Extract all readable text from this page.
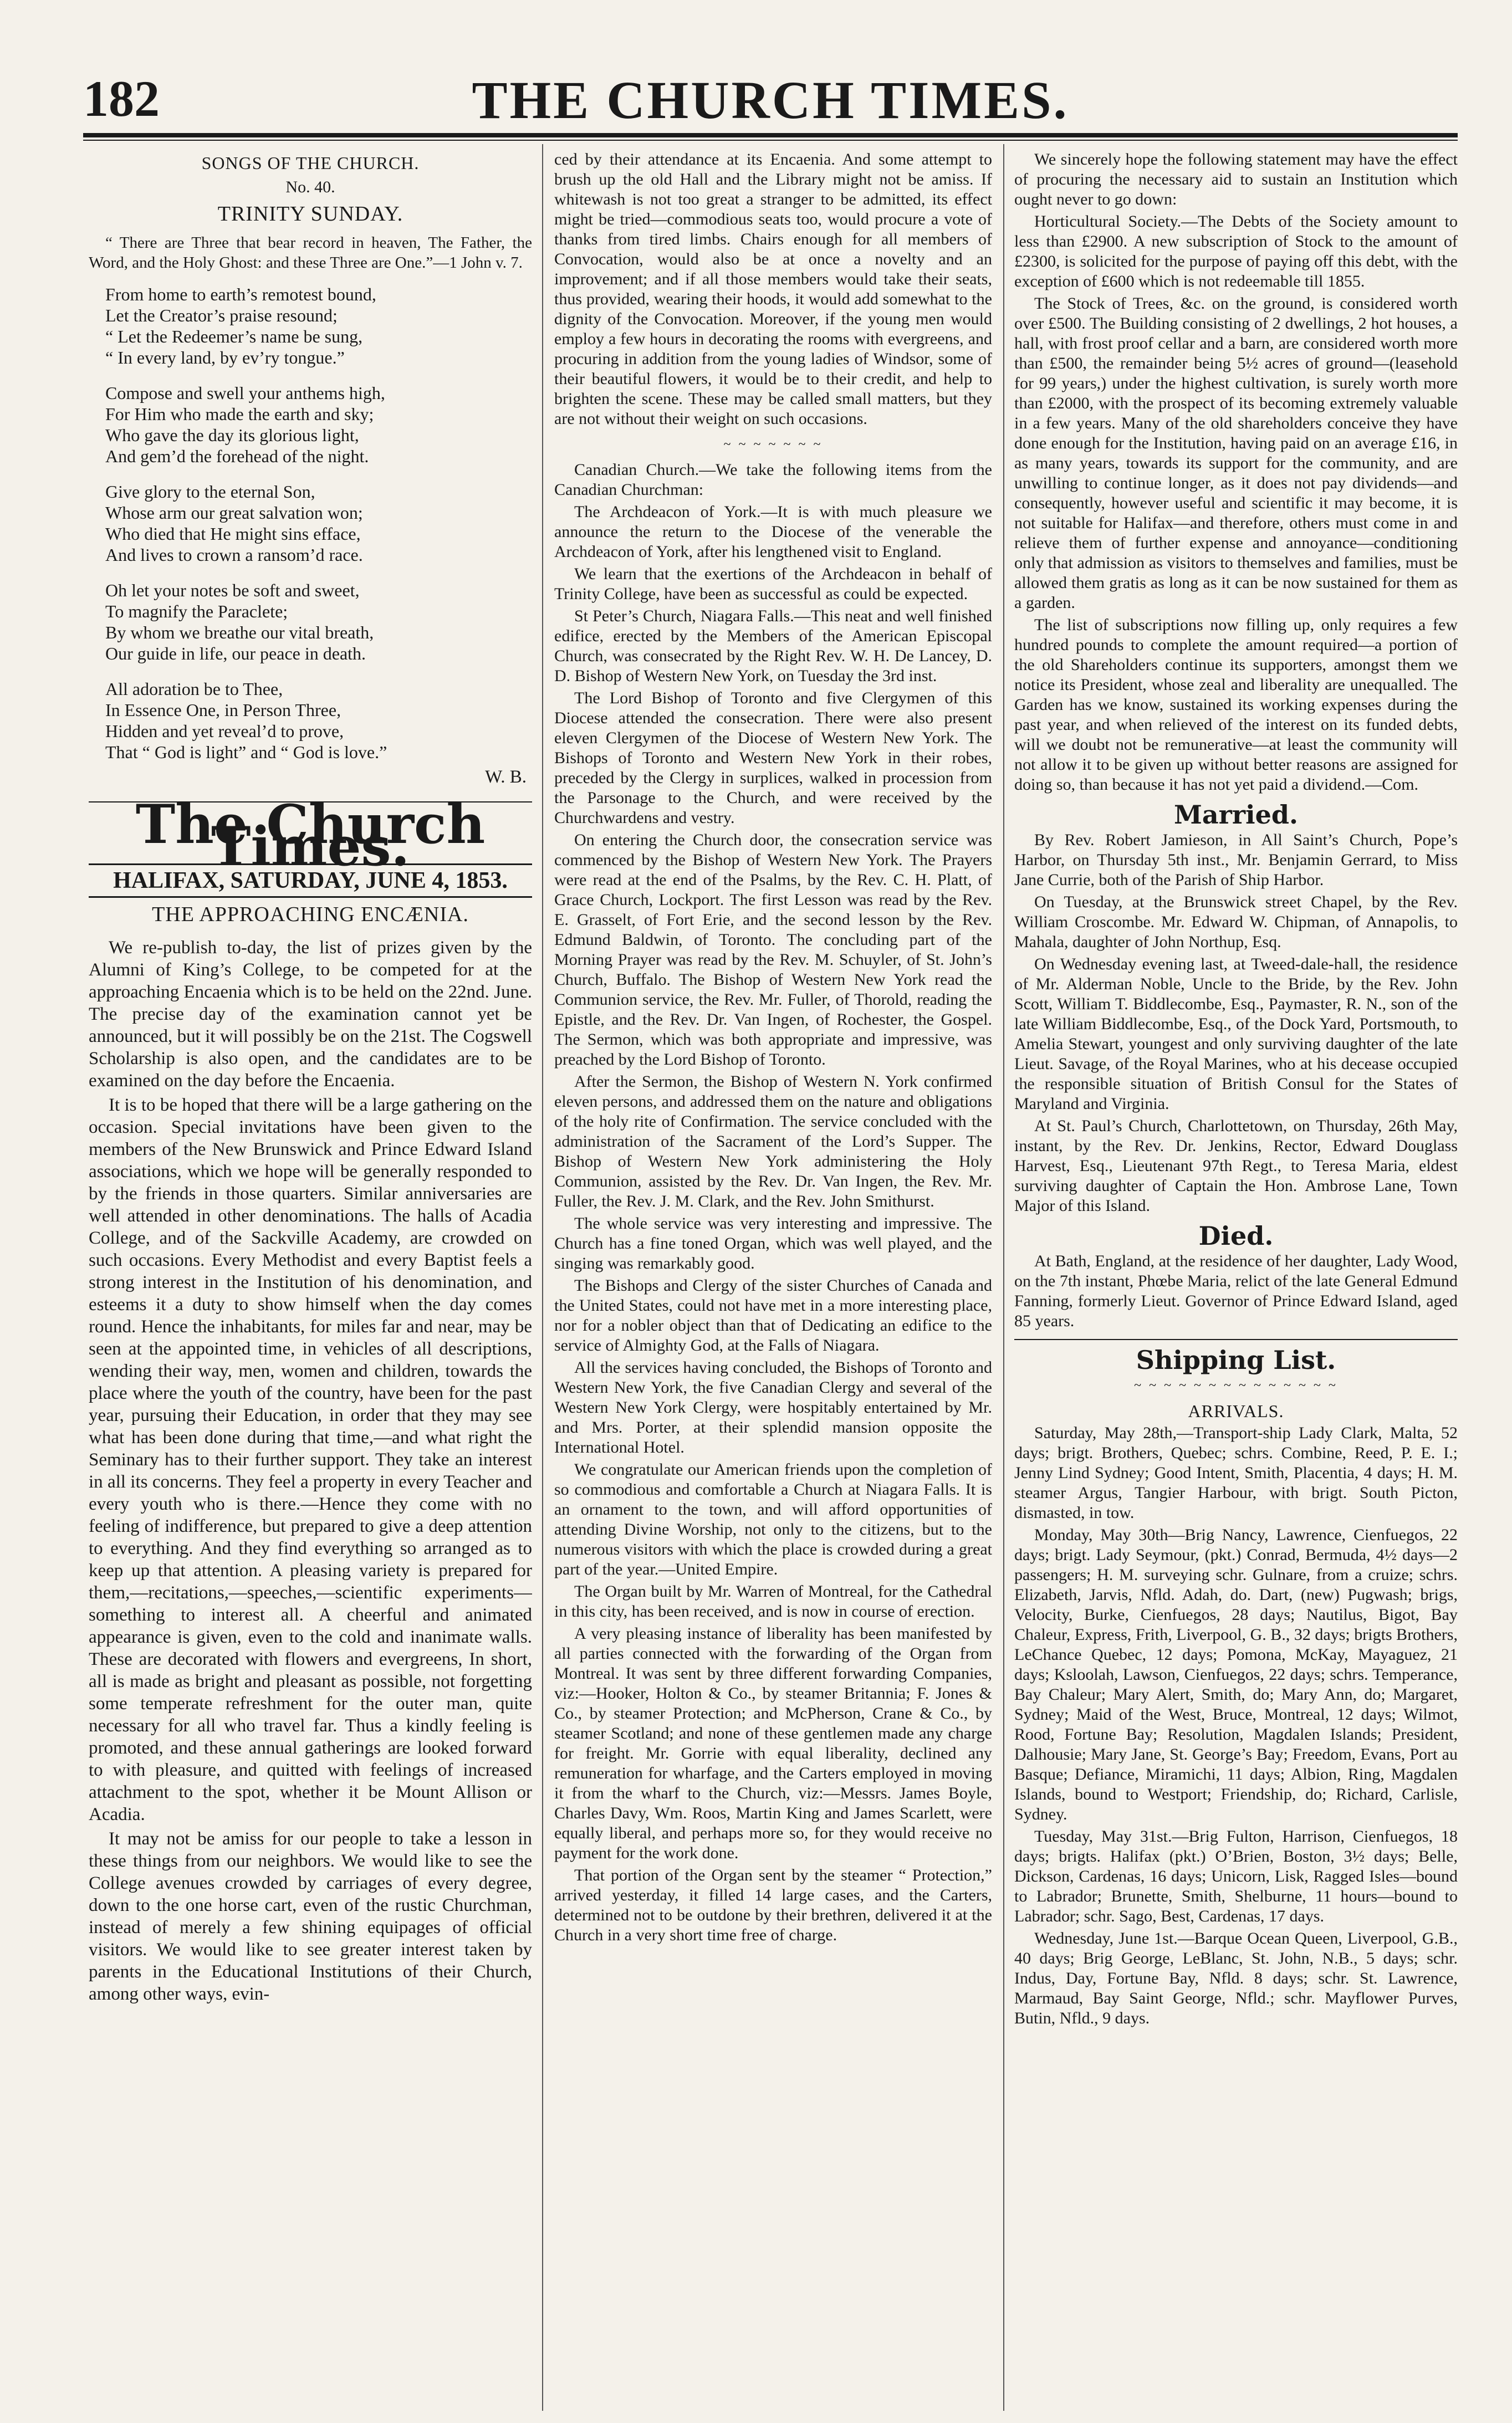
182	THE CHURCH TIMES.
SONGS OF THE CHURCH.
No. 40.
TRINITY SUNDAY.
“ There are Three that bear record in heaven, The Father, the Word, and the Holy Ghost: and these Three are One.”—1 John v. 7.
From home to earth’s remotest bound,
Let the Creator’s praise resound;
“ Let the Redeemer’s name be sung,
“ In every land, by ev’ry tongue.”
Compose and swell your anthems high,
For Him who made the earth and sky;
Who gave the day its glorious light,
And gem’d the forehead of the night.
Give glory to the eternal Son,
Whose arm our great salvation won;
Who died that He might sins efface,
And lives to crown a ransom’d race.
Oh let your notes be soft and sweet,
To magnify the Paraclete;
By whom we breathe our vital breath,
Our guide in life, our peace in death.
All adoration be to Thee,
In Essence One, in Person Three,
Hidden and yet reveal’d to prove,
That “ God is light” and “ God is love.”
W. B.
The Church Times.
HALIFAX, SATURDAY, JUNE 4, 1853.
THE APPROACHING ENCÆNIA.

We re-publish to-day, the list of prizes given by the Alumni of King’s College, to be competed for at the approaching Encaenia which is to be held on the 22nd. June. The precise day of the examination cannot yet be announced, but it will possibly be on the 21st. The Cogswell Scholarship is also open, and the candidates are to be examined on the day before the Encaenia.

It is to be hoped that there will be a large gathering on the occasion. Special invitations have been given to the members of the New Brunswick and Prince Edward Island associations, which we hope will be generally responded to by the friends in those quarters. Similar anniversaries are well attended in other denominations. The halls of Acadia College, and of the Sackville Academy, are crowded on such occasions. Every Methodist and every Baptist feels a strong interest in the Institution of his denomination, and esteems it a duty to show himself when the day comes round. Hence the inhabitants, for miles far and near, may be seen at the appointed time, in vehicles of all descriptions, wending their way, men, women and children, towards the place where the youth of the country, have been for the past year, pursuing their Education, in order that they may see what has been done during that time,—and what right the Seminary has to their further support. They take an interest in all its concerns. They feel a property in every Teacher and every youth who is there.—Hence they come with no feeling of indifference, but prepared to give a deep attention to everything. And they find everything so arranged as to keep up that attention. A pleasing variety is prepared for them,—recitations,—speeches,—scientific experiments—something to interest all. A cheerful and animated appearance is given, even to the cold and inanimate walls. These are decorated with flowers and evergreens, In short, all is made as bright and pleasant as possible, not forgetting some temperate refreshment for the outer man, quite necessary for all who travel far. Thus a kindly feeling is promoted, and these annual gatherings are looked forward to with pleasure, and quitted with feelings of increased attachment to the spot, whether it be Mount Allison or Acadia.

It may not be amiss for our people to take a lesson in these things from our neighbors. We would like to see the College avenues crowded by carriages of every degree, down to the one horse cart, even of the rustic Churchman, instead of merely a few shining equipages of official visitors. We would like to see greater interest taken by parents in the Educational Institutions of their Church, among other ways, evin-

ced by their attendance at its Encaenia. And some attempt to brush up the old Hall and the Library might not be amiss. If whitewash is not too great a stranger to be admitted, its effect might be tried—commodious seats too, would procure a vote of thanks from tired limbs. Chairs enough for all members of Convocation, would also be at once a novelty and an improvement; and if all those members would take their seats, thus provided, wearing their hoods, it would add somewhat to the dignity of the Convocation. Moreover, if the young men would employ a few hours in decorating the rooms with evergreens, and procuring in addition from the young ladies of Windsor, some of their beautiful flowers, it would be to their credit, and help to brighten the scene. These may be called small matters, but they are not without their weight on such occasions.

~ ~ ~ ~ ~ ~ ~

Canadian Church.—We take the following items from the Canadian Churchman:

The Archdeacon of York.—It is with much pleasure we announce the return to the Diocese of the venerable the Archdeacon of York, after his lengthened visit to England.

We learn that the exertions of the Archdeacon in behalf of Trinity College, have been as successful as could be expected.

St Peter’s Church, Niagara Falls.—This neat and well finished edifice, erected by the Members of the American Episcopal Church, was consecrated by the Right Rev. W. H. De Lancey, D. D. Bishop of Western New York, on Tuesday the 3rd inst.

The Lord Bishop of Toronto and five Clergymen of this Diocese attended the consecration. There were also present eleven Clergymen of the Diocese of Western New York. The Bishops of Toronto and Western New York in their robes, preceded by the Clergy in surplices, walked in procession from the Parsonage to the Church, and were received by the Churchwardens and vestry.

On entering the Church door, the consecration service was commenced by the Bishop of Western New York. The Prayers were read at the end of the Psalms, by the Rev. C. H. Platt, of Grace Church, Lockport. The first Lesson was read by the Rev. E. Grasselt, of Fort Erie, and the second lesson by the Rev. Edmund Baldwin, of Toronto. The concluding part of the Morning Prayer was read by the Rev. M. Schuyler, of St. John’s Church, Buffalo. The Bishop of Western New York read the Communion service, the Rev. Mr. Fuller, of Thorold, reading the Epistle, and the Rev. Dr. Van Ingen, of Rochester, the Gospel. The Sermon, which was both appropriate and impressive, was preached by the Lord Bishop of Toronto.

After the Sermon, the Bishop of Western N. York confirmed eleven persons, and addressed them on the nature and obligations of the holy rite of Confirmation. The service concluded with the administration of the Sacrament of the Lord’s Supper. The Bishop of Western New York administering the Holy Communion, assisted by the Rev. Dr. Van Ingen, the Rev. Mr. Fuller, the Rev. J. M. Clark, and the Rev. John Smithurst.

The whole service was very interesting and impressive. The Church has a fine toned Organ, which was well played, and the singing was remarkably good.

The Bishops and Clergy of the sister Churches of Canada and the United States, could not have met in a more interesting place, nor for a nobler object than that of Dedicating an edifice to the service of Almighty God, at the Falls of Niagara.

All the services having concluded, the Bishops of Toronto and Western New York, the five Canadian Clergy and several of the Western New York Clergy, were hospitably entertained by Mr. and Mrs. Porter, at their splendid mansion opposite the International Hotel.

We congratulate our American friends upon the completion of so commodious and comfortable a Church at Niagara Falls. It is an ornament to the town, and will afford opportunities of attending Divine Worship, not only to the citizens, but to the numerous visitors with which the place is crowded during a great part of the year.—United Empire.

The Organ built by Mr. Warren of Montreal, for the Cathedral in this city, has been received, and is now in course of erection.

A very pleasing instance of liberality has been manifested by all parties connected with the forwarding of the Organ from Montreal. It was sent by three different forwarding Companies, viz:—Hooker, Holton & Co., by steamer Britannia; F. Jones & Co., by steamer Protection; and McPherson, Crane & Co., by steamer Scotland; and none of these gentlemen made any charge for freight. Mr. Gorrie with equal liberality, declined any remuneration for wharfage, and the Carters employed in moving it from the wharf to the Church, viz:—Messrs. James Boyle, Charles Davy, Wm. Roos, Martin King and James Scarlett, were equally liberal, and perhaps more so, for they would receive no payment for the work done.

That portion of the Organ sent by the steamer “ Protection,” arrived yesterday, it filled 14 large cases, and the Carters, determined not to be outdone by their brethren, delivered it at the Church in a very short time free of charge.

We sincerely hope the following statement may have the effect of procuring the necessary aid to sustain an Institution which ought never to go down:

Horticultural Society.—The Debts of the Society amount to less than £2900. A new subscription of Stock to the amount of £2300, is solicited for the purpose of paying off this debt, with the exception of £600 which is not redeemable till 1855.

The Stock of Trees, &c. on the ground, is considered worth over £500. The Building consisting of 2 dwellings, 2 hot houses, a hall, with frost proof cellar and a barn, are considered worth more than £500, the remainder being 5½ acres of ground—(leasehold for 99 years,) under the highest cultivation, is surely worth more than £2000, with the prospect of its becoming extremely valuable in a few years. Many of the old shareholders conceive they have done enough for the Institution, having paid on an average £16, in as many years, towards its support for the community, and are unwilling to continue longer, as it does not pay dividends—and consequently, however useful and scientific it may become, it is not suitable for Halifax—and therefore, others must come in and relieve them of further expense and annoyance—conditioning only that admission as visitors to themselves and families, must be allowed them gratis as long as it can be now sustained for them as a garden.

The list of subscriptions now filling up, only requires a few hundred pounds to complete the amount required—a portion of the old Shareholders continue its supporters, amongst them we notice its President, whose zeal and liberality are unequalled. The Garden has we know, sustained its working expenses during the past year, and when relieved of the interest on its funded debts, will we doubt not be remunerative—at least the community will not allow it to be given up without better reasons are assigned for doing so, than because it has not yet paid a dividend.—Com.

Married.

By Rev. Robert Jamieson, in All Saint’s Church, Pope’s Harbor, on Thursday 5th inst., Mr. Benjamin Gerrard, to Miss Jane Currie, both of the Parish of Ship Harbor.

On Tuesday, at the Brunswick street Chapel, by the Rev. William Croscombe. Mr. Edward W. Chipman, of Annapolis, to Mahala, daughter of John Northup, Esq.

On Wednesday evening last, at Tweed-dale-hall, the residence of Mr. Alderman Noble, Uncle to the Bride, by the Rev. John Scott, William T. Biddlecombe, Esq., Paymaster, R. N., son of the late William Biddlecombe, Esq., of the Dock Yard, Portsmouth, to Amelia Stewart, youngest and only surviving daughter of the late Lieut. Savage, of the Royal Marines, who at his decease occupied the responsible situation of British Consul for the States of Maryland and Virginia.

At St. Paul’s Church, Charlottetown, on Thursday, 26th May, instant, by the Rev. Dr. Jenkins, Rector, Edward Douglass Harvest, Esq., Lieutenant 97th Regt., to Teresa Maria, eldest surviving daughter of Captain the Hon. Ambrose Lane, Town Major of this Island.

Died.

At Bath, England, at the residence of her daughter, Lady Wood, on the 7th instant, Phœbe Maria, relict of the late General Edmund Fanning, formerly Lieut. Governor of Prince Edward Island, aged 85 years.

Shipping List.
~ ~ ~ ~ ~ ~ ~ ~ ~ ~ ~ ~ ~ ~
ARRIVALS.

Saturday, May 28th,—Transport-ship Lady Clark, Malta, 52 days; brigt. Brothers, Quebec; schrs. Combine, Reed, P. E. I.; Jenny Lind Sydney; Good Intent, Smith, Placentia, 4 days; H. M. steamer Argus, Tangier Harbour, with brigt. South Picton, dismasted, in tow.

Monday, May 30th—Brig Nancy, Lawrence, Cienfuegos, 22 days; brigt. Lady Seymour, (pkt.) Conrad, Bermuda, 4½ days—2 passengers; H. M. surveying schr. Gulnare, from a cruize; schrs. Elizabeth, Jarvis, Nfld. Adah, do. Dart, (new) Pugwash; brigs, Velocity, Burke, Cienfuegos, 28 days; Nautilus, Bigot, Bay Chaleur, Express, Frith, Liverpool, G. B., 32 days; brigts Brothers, LeChance Quebec, 12 days; Pomona, McKay, Mayaguez, 21 days; Ksloolah, Lawson, Cienfuegos, 22 days; schrs. Temperance, Bay Chaleur; Mary Alert, Smith, do; Mary Ann, do; Margaret, Sydney; Maid of the West, Bruce, Montreal, 12 days; Wilmot, Rood, Fortune Bay; Resolution, Magdalen Islands; President, Dalhousie; Mary Jane, St. George’s Bay; Freedom, Evans, Port au Basque; Defiance, Miramichi, 11 days; Albion, Ring, Magdalen Islands, bound to Westport; Friendship, do; Richard, Carlisle, Sydney.

Tuesday, May 31st.—Brig Fulton, Harrison, Cienfuegos, 18 days; brigts. Halifax (pkt.) O’Brien, Boston, 3½ days; Belle, Dickson, Cardenas, 16 days; Unicorn, Lisk, Ragged Isles—bound to Labrador; Brunette, Smith, Shelburne, 11 hours—bound to Labrador; schr. Sago, Best, Cardenas, 17 days.

Wednesday, June 1st.—Barque Ocean Queen, Liverpool, G.B., 40 days; Brig George, LeBlanc, St. John, N.B., 5 days; schr. Indus, Day, Fortune Bay, Nfld. 8 days; schr. St. Lawrence, Marmaud, Bay Saint George, Nfld.; schr. Mayflower Purves, Butin, Nfld., 9 days.
